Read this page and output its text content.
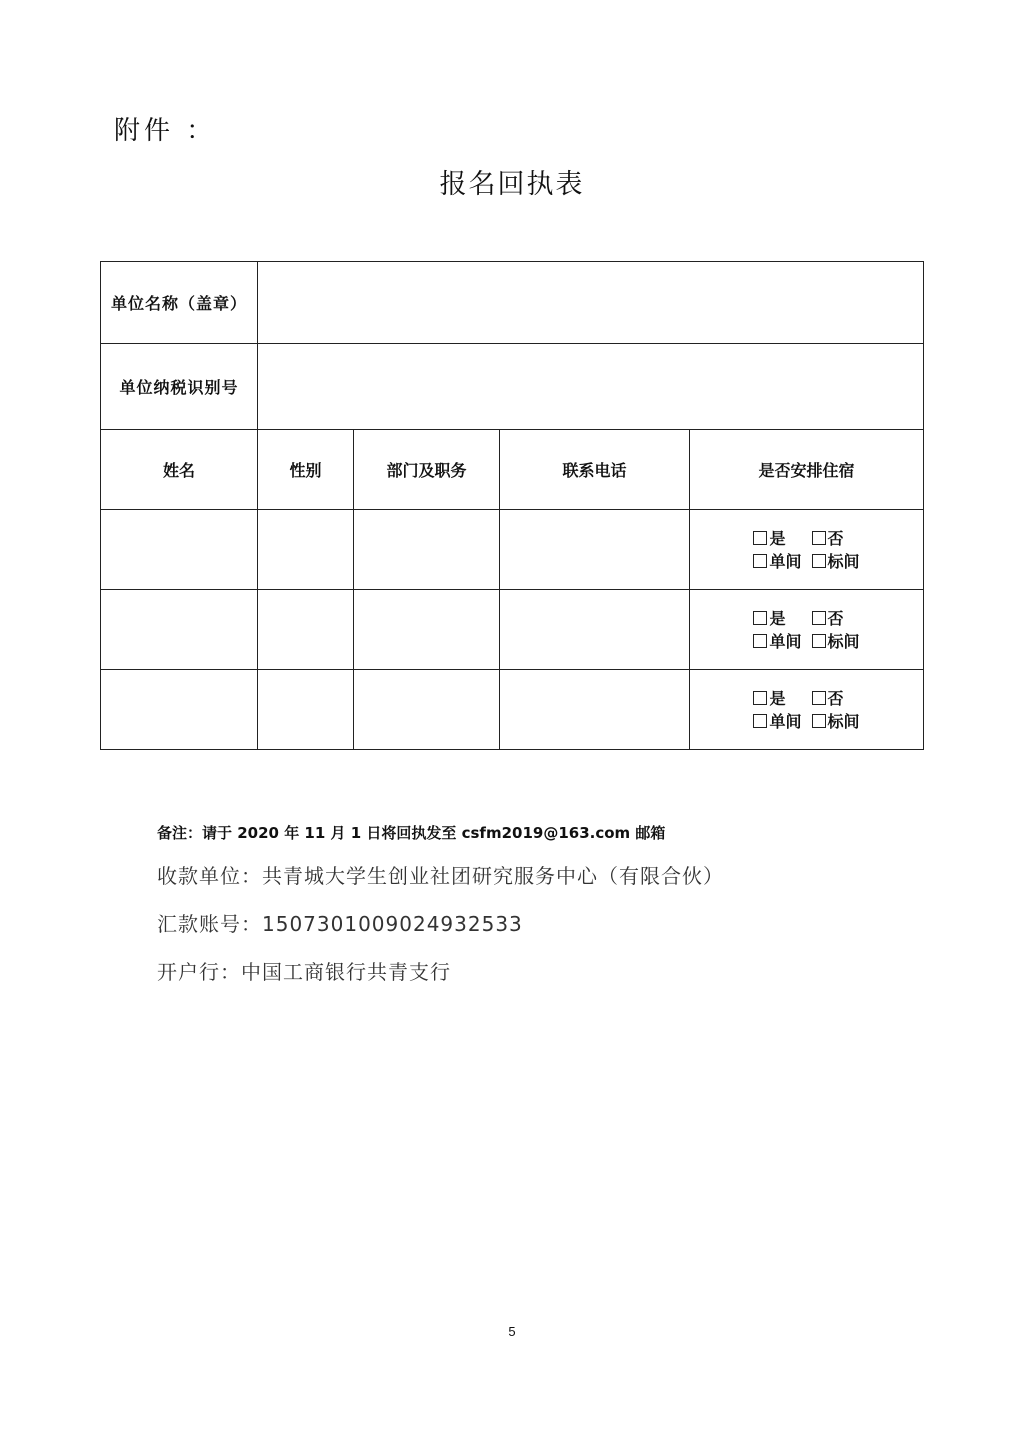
附件 ：
报名回执表
单位名称（盖章）				
单位纳税识别号				
姓名	性别	部门及职务	联系电话	是否安排住宿
				是 否
单间 标间
				是 否
单间 标间
				是 否
单间 标间
备注：请于 2020 年 11 月 1 日将回执发至 csfm2019@163.com 邮箱
收款单位：共青城大学生创业社团研究服务中心（有限合伙）
汇款账号：1507301009024932533
开户行：中国工商银行共青支行
5
